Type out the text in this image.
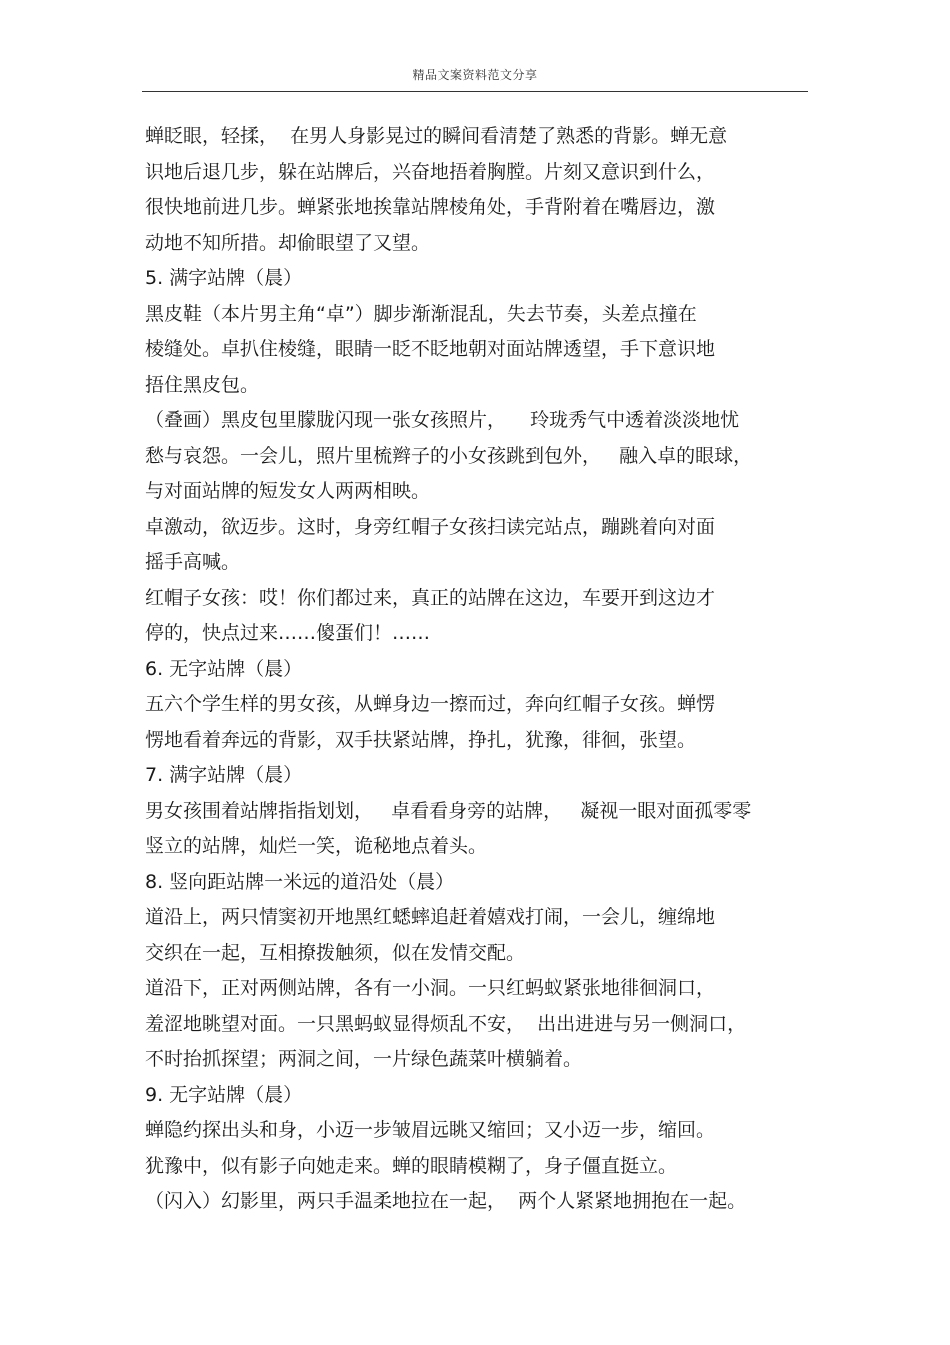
精品文案资料范文分享
蝉眨眼，轻揉，  在男人身影晃过的瞬间看清楚了熟悉的背影。蝉无意
识地后退几步，躲在站牌后，兴奋地捂着胸膛。片刻又意识到什么，
很快地前进几步。蝉紧张地挨靠站牌棱角处，手背附着在嘴唇边，激
动地不知所措。却偷眼望了又望。
5. 满字站牌（晨）
黑皮鞋（本片男主角“卓”）脚步渐渐混乱，失去节奏，头差点撞在
棱缝处。卓扒住棱缝，眼睛一眨不眨地朝对面站牌透望，手下意识地
捂住黑皮包。
（叠画）黑皮包里朦胧闪现一张女孩照片，    玲珑秀气中透着淡淡地忧
愁与哀怨。一会儿，照片里梳辫子的小女孩跳到包外，   融入卓的眼球，
与对面站牌的短发女人两两相映。
卓激动，欲迈步。这时，身旁红帽子女孩扫读完站点，蹦跳着向对面
摇手高喊。
红帽子女孩：哎！你们都过来，真正的站牌在这边，车要开到这边才
停的，快点过来……傻蛋们！……
6. 无字站牌（晨）
五六个学生样的男女孩，从蝉身边一擦而过，奔向红帽子女孩。蝉愣
愣地看着奔远的背影，双手扶紧站牌，挣扎，犹豫，徘徊，张望。
7. 满字站牌（晨）
男女孩围着站牌指指划划，   卓看看身旁的站牌，   凝视一眼对面孤零零
竖立的站牌，灿烂一笑，诡秘地点着头。
8. 竖向距站牌一米远的道沿处（晨）
道沿上，两只情窦初开地黑红蟋蟀追赶着嬉戏打闹，一会儿，缠绵地
交织在一起，互相撩拨触须，似在发情交配。
道沿下，正对两侧站牌，各有一小洞。一只红蚂蚁紧张地徘徊洞口，
羞涩地眺望对面。一只黑蚂蚁显得烦乱不安，  出出进进与另一侧洞口，
不时抬抓探望；两洞之间，一片绿色蔬菜叶横躺着。
9. 无字站牌（晨）
蝉隐约探出头和身，小迈一步皱眉远眺又缩回；又小迈一步，缩回。
犹豫中，似有影子向她走来。蝉的眼睛模糊了，身子僵直挺立。
（闪入）幻影里，两只手温柔地拉在一起，  两个人紧紧地拥抱在一起。
